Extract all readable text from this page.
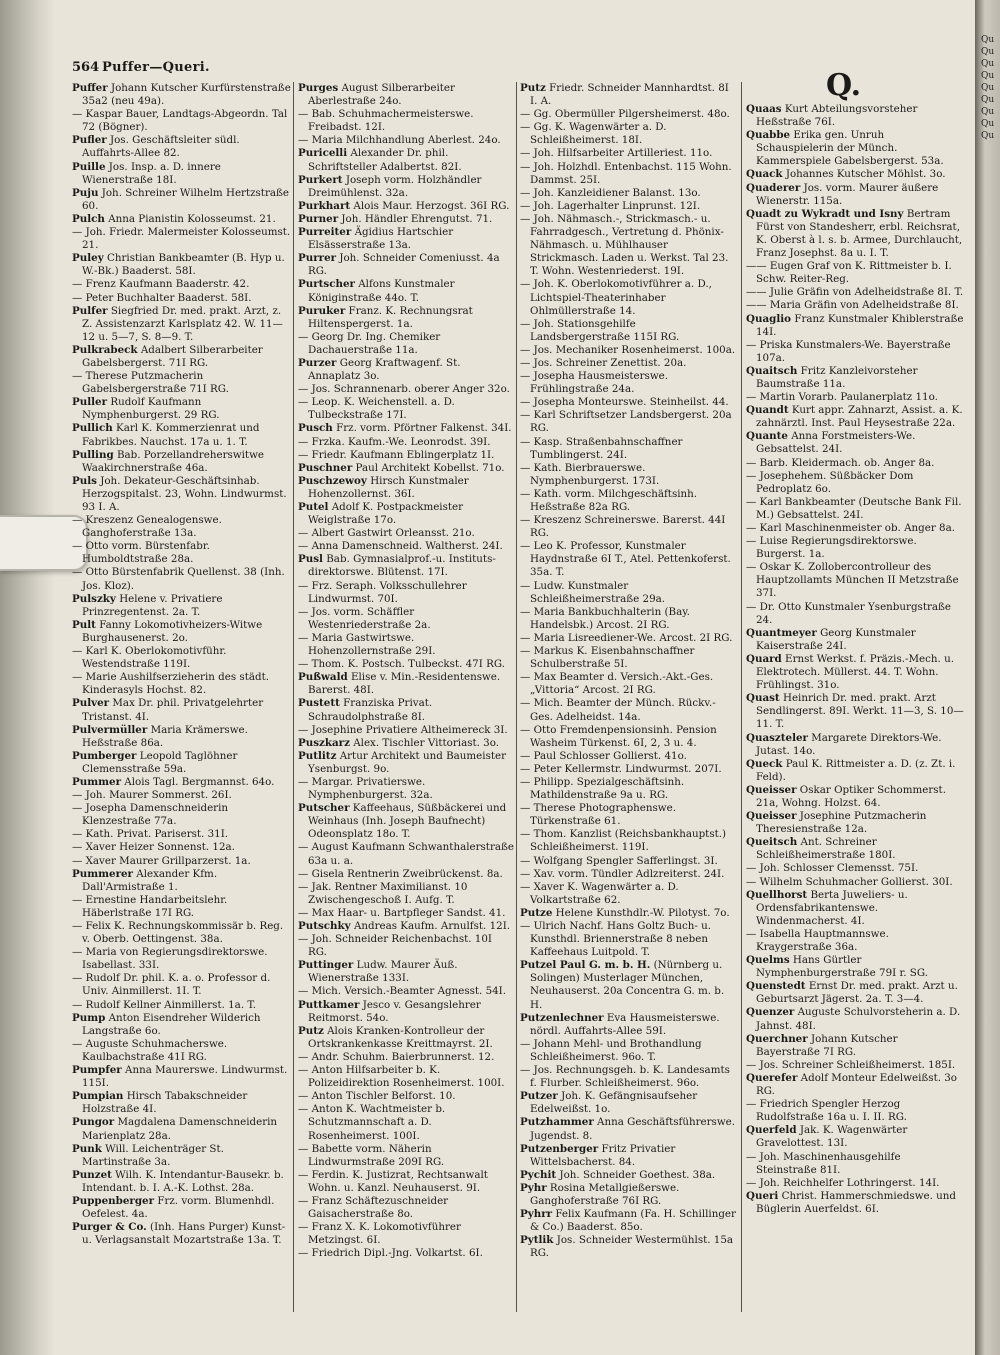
Qu Qu Qu Qu Qu Qu Qu Qu Qu
564 Puffer—Queri.
Q.
Puffer Johann Kutscher Kurfürstenstraße 35a2 (neu 49a).
— Kaspar Bauer, Landtags-Abgeordn. Tal 72 (Bögner).
Pufler Jos. Geschäftsleiter südl. Auffahrts-Allee 82.
Puille Jos. Insp. a. D. innere Wienerstraße 18I.
Puju Joh. Schreiner Wilhelm Hertzstraße 60.
Pulch Anna Pianistin Kolosseumst. 21.
— Joh. Friedr. Malermeister Kolosseumst. 21.
Puley Christian Bankbeamter (B. Hyp u. W.-Bk.) Baaderst. 58I.
— Frenz Kaufmann Baaderstr. 42.
— Peter Buchhalter Baaderst. 58I.
Pulfer Siegfried Dr. med. prakt. Arzt, z. Z. Assistenzarzt Karlsplatz 42. W. 11—12 u. 5—7, S. 8—9. T.
Pulkrabeck Adalbert Silberarbeiter Gabelsbergerst. 71I RG.
— Therese Putzmacherin Gabelsbergerstraße 71I RG.
Puller Rudolf Kaufmann Nymphenburgerst. 29 RG.
Pullich Karl K. Kommerzienrat und Fabrikbes. Nauchst. 17a u. 1. T.
Pulling Bab. Porzellandreherswitwe Waakirchnerstraße 46a.
Puls Joh. Dekateur-Geschäftsinhab. Herzogspitalst. 23, Wohn. Lindwurmst. 93 I. A.
— Kreszenz Genealogenswe. Ganghoferstraße 13a.
— Otto vorm. Bürstenfabr. Humboldtstraße 28a.
— Otto Bürstenfabrik Quellenst. 38 (Inh. Jos. Kloz).
Pulszky Helene v. Privatiere Prinzregentenst. 2a. T.
Pult Fanny Lokomotivheizers-Witwe Burghausenerst. 2o.
— Karl K. Oberlokomotivführ. Westendstraße 119I.
— Marie Aushilfserzieherin des städt. Kinderasyls Hochst. 82.
Pulver Max Dr. phil. Privatgelehrter Tristanst. 4I.
Pulvermüller Maria Krämerswe. Heßstraße 86a.
Pumberger Leopold Taglöhner Clemensstraße 59a.
Pummer Alois Tagl. Bergmannst. 64o.
— Joh. Maurer Sommerst. 26I.
— Josepha Damenschneiderin Klenzestraße 77a.
— Kath. Privat. Pariserst. 31I.
— Xaver Heizer Sonnenst. 12a.
— Xaver Maurer Grillparzerst. 1a.
Pummerer Alexander Kfm. Dall'Armistraße 1.
— Ernestine Handarbeitslehr. Häberlstraße 17I RG.
— Felix K. Rechnungskommissär b. Reg. v. Oberb. Oettingenst. 38a.
— Maria von Regierungsdirektorswe. Isabellast. 33I.
— Rudolf Dr. phil. K. a. o. Professor d. Univ. Ainmillerst. 1I. T.
— Rudolf Kellner Ainmillerst. 1a. T.
Pump Anton Eisendreher Wilderich Langstraße 6o.
— Auguste Schuhmacherswe. Kaulbachstraße 41I RG.
Pumpfer Anna Maurerswe. Lindwurmst. 115I.
Pumpian Hirsch Tabakschneider Holzstraße 4I.
Pungor Magdalena Damenschneiderin Marienplatz 28a.
Punk Will. Leichenträger St. Martinstraße 3a.
Punzet Wilh. K. Intendantur-Bausekr. b. Intendant. b. I. A.-K. Lothst. 28a.
Puppenberger Frz. vorm. Blumenhdl. Oefelest. 4a.
Purger & Co. (Inh. Hans Purger) Kunst- u. Verlagsanstalt Mozartstraße 13a. T.
Purges August Silberarbeiter Aberlestraße 24o.
— Bab. Schuhmachermeisterswe. Freibadst. 12I.
— Maria Milchhandlung Aberlest. 24o.
Puricelli Alexander Dr. phil. Schriftsteller Adalbertst. 82I.
Purkert Joseph vorm. Holzhändler Dreimühlenst. 32a.
Purkhart Alois Maur. Herzogst. 36I RG.
Purner Joh. Händler Ehrengutst. 71.
Purreiter Ägidius Hartschier Elsässerstraße 13a.
Purrer Joh. Schneider Comeniusst. 4a RG.
Purtscher Alfons Kunstmaler Königinstraße 44o. T.
Puruker Franz. K. Rechnungsrat Hiltenspergerst. 1a.
— Georg Dr. Ing. Chemiker Dachauerstraße 11a.
Purzer Georg Kraftwagenf. St. Annaplatz 3o.
— Jos. Schrannenarb. oberer Anger 32o.
— Leop. K. Weichenstell. a. D. Tulbeckstraße 17I.
Pusch Frz. vorm. Pförtner Falkenst. 34I.
— Frzka. Kaufm.-We. Leonrodst. 39I.
— Friedr. Kaufmann Eblingerplatz 1I.
Puschner Paul Architekt Kobellst. 71o.
Puschzewoy Hirsch Kunstmaler Hohenzollernst. 36I.
Putel Adolf K. Postpackmeister Weiglstraße 17o.
— Albert Gastwirt Orleansst. 21o.
— Anna Damenschneid. Waltherst. 24I.
Pusl Bab. Gymnasialprof.-u. Instituts-direktorswe. Blütenst. 17I.
— Frz. Seraph. Volksschullehrer Lindwurmst. 70I.
— Jos. vorm. Schäffler Westenriederstraße 2a.
— Maria Gastwirtswe. Hohenzollernstraße 29I.
— Thom. K. Postsch. Tulbeckst. 47I RG.
Pußwald Elise v. Min.-Residentenswe. Barerst. 48I.
Pustett Franziska Privat. Schraudolphstraße 8I.
— Josephine Privatiere Altheimereck 3I.
Puszkarz Alex. Tischler Vittoriast. 3o.
Putlitz Artur Architekt und Baumeister Ysenburgst. 9o.
— Margar. Privatierswe. Nymphenburgerst. 32a.
Putscher Kaffeehaus, Süßbäckerei und Weinhaus (Inh. Joseph Baufnecht) Odeonsplatz 18o. T.
— August Kaufmann Schwanthalerstraße 63a u. a.
— Gisela Rentnerin Zweibrückenst. 8a.
— Jak. Rentner Maximilianst. 10 Zwischengeschoß I. Aufg. T.
— Max Haar- u. Bartpfleger Sandst. 41.
Putschky Andreas Kaufm. Arnulfst. 12I.
— Joh. Schneider Reichenbachst. 10I RG.
Puttinger Ludw. Maurer Äuß. Wienerstraße 133I.
— Mich. Versich.-Beamter Agnesst. 54I.
Puttkamer Jesco v. Gesangslehrer Reitmorst. 54o.
Putz Alois Kranken-Kontrolleur der Ortskrankenkasse Kreittmayrst. 2I.
— Andr. Schuhm. Baierbrunnerst. 12.
— Anton Hilfsarbeiter b. K. Polizeidirektion Rosenheimerst. 100I.
— Anton Tischler Belforst. 10.
— Anton K. Wachtmeister b. Schutzmannschaft a. D. Rosenheimerst. 100I.
— Babette vorm. Näherin Lindwurmstraße 209I RG.
— Ferdin. K. Justizrat, Rechtsanwalt Wohn. u. Kanzl. Neuhauserst. 9I.
— Franz Schäftezuschneider Gaisacherstraße 8o.
— Franz X. K. Lokomotivführer Metzingst. 6I.
— Friedrich Dipl.-Jng. Volkartst. 6I.
Putz Friedr. Schneider Mannhardtst. 8I I. A.
— Gg. Obermüller Pilgersheimerst. 48o.
— Gg. K. Wagenwärter a. D. Schleißheimerst. 18I.
— Joh. Hilfsarbeiter Artilleriest. 11o.
— Joh. Holzhdl. Entenbachst. 115 Wohn. Dammst. 25I.
— Joh. Kanzleidiener Balanst. 13o.
— Joh. Lagerhalter Linprunst. 12I.
— Joh. Nähmasch.-, Strickmasch.- u. Fahrradgesch., Vertretung d. Phönix-Nähmasch. u. Mühlhauser Strickmasch. Laden u. Werkst. Tal 23. T. Wohn. Westenriederst. 19I.
— Joh. K. Oberlokomotivführer a. D., Lichtspiel-Theaterinhaber Ohlmüllerstraße 14.
— Joh. Stationsgehilfe Landsbergerstraße 115I RG.
— Jos. Mechaniker Rosenheimerst. 100a.
— Jos. Schreiner Zenettist. 20a.
— Josepha Hausmeisterswe. Frühlingstraße 24a.
— Josepha Monteurswe. Steinheilst. 44.
— Karl Schriftsetzer Landsbergerst. 20a RG.
— Kasp. Straßenbahnschaffner Tumblingerst. 24I.
— Kath. Bierbrauerswe. Nymphenburgerst. 173I.
— Kath. vorm. Milchgeschäftsinh. Heßstraße 82a RG.
— Kreszenz Schreinerswe. Barerst. 44I RG.
— Leo K. Professor, Kunstmaler Haydnstraße 6I T., Atel. Pettenkoferst. 35a. T.
— Ludw. Kunstmaler Schleißheimerstraße 29a.
— Maria Bankbuchhalterin (Bay. Handelsbk.) Arcost. 2I RG.
— Maria Lisreediener-We. Arcost. 2I RG.
— Markus K. Eisenbahnschaffner Schulberstraße 5I.
— Max Beamter d. Versich.-Akt.-Ges. „Vittoria“ Arcost. 2I RG.
— Mich. Beamter der Münch. Rückv.-Ges. Adelheidst. 14a.
— Otto Fremdenpensionsinh. Pension Washeim Türkenst. 6I, 2, 3 u. 4.
— Paul Schlosser Gollierst. 41o.
— Peter Kellermstr. Lindwurmst. 207I.
— Philipp. Spezialgeschäftsinh. Mathildenstraße 9a u. RG.
— Therese Photographenswe. Türkenstraße 61.
— Thom. Kanzlist (Reichsbankhauptst.) Schleißheimerst. 119I.
— Wolfgang Spengler Safferlingst. 3I.
— Xav. vorm. Tündler Adlzreiterst. 24I.
— Xaver K. Wagenwärter a. D. Volkartstraße 62.
Putze Helene Kunsthdlr.-W. Pilotyst. 7o.
— Ulrich Nachf. Hans Goltz Buch- u. Kunsthdl. Briennerstraße 8 neben Kaffeehaus Luitpold. T.
Putzel Paul G. m. b. H. (Nürnberg u. Solingen) Musterlager München, Neuhauserst. 20a Concentra G. m. b. H.
Putzenlechner Eva Hausmeisterswe. nördl. Auffahrts-Allee 59I.
— Johann Mehl- und Brothandlung Schleißheimerst. 96o. T.
— Jos. Rechnungsgeh. b. K. Landesamts f. Flurber. Schleißheimerst. 96o.
Putzer Joh. K. Gefängnisaufseher Edelweißst. 1o.
Putzhammer Anna Geschäftsführerswe. Jugendst. 8.
Putzenberger Fritz Privatier Wittelsbacherst. 84.
Pychit Joh. Schneider Goethest. 38a.
Pyhr Rosina Metallgießerswe. Ganghoferstraße 76I RG.
Pyhrr Felix Kaufmann (Fa. H. Schillinger & Co.) Baaderst. 85o.
Pytlik Jos. Schneider Westermühlst. 15a RG.
Quaas Kurt Abteilungsvorsteher Heßstraße 76I.
Quabbe Erika gen. Unruh Schauspielerin der Münch. Kammerspiele Gabelsbergerst. 53a.
Quack Johannes Kutscher Möhlst. 3o.
Quaderer Jos. vorm. Maurer äußere Wienerstr. 115a.
Quadt zu Wykradt und Isny Bertram Fürst von Standesherr, erbl. Reichsrat, K. Oberst à l. s. b. Armee, Durchlaucht, Franz Josephst. 8a u. I. T.
—— Eugen Graf von K. Rittmeister b. I. Schw. Reiter-Reg.
—— Julie Gräfin von Adelheidstraße 8I. T.
—— Maria Gräfin von Adelheidstraße 8I.
Quaglio Franz Kunstmaler Khiblerstraße 14I.
— Priska Kunstmalers-We. Bayerstraße 107a.
Quaitsch Fritz Kanzleivorsteher Baumstraße 11a.
— Martin Vorarb. Paulanerplatz 11o.
Quandt Kurt appr. Zahnarzt, Assist. a. K. zahnärztl. Inst. Paul Heysestraße 22a.
Quante Anna Forstmeisters-We. Gebsattelst. 24I.
— Barb. Kleidermach. ob. Anger 8a.
— Josephehem. Süßbäcker Dom Pedroplatz 6o.
— Karl Bankbeamter (Deutsche Bank Fil. M.) Gebsattelst. 24I.
— Karl Maschinenmeister ob. Anger 8a.
— Luise Regierungsdirektorswe. Burgerst. 1a.
— Oskar K. Zollobercontrolleur des Hauptzollamts München II Metzstraße 37I.
— Dr. Otto Kunstmaler Ysenburgstraße 24.
Quantmeyer Georg Kunstmaler Kaiserstraße 24I.
Quard Ernst Werkst. f. Präzis.-Mech. u. Elektrotech. Müllerst. 44. T. Wohn. Frühlingst. 31o.
Quast Heinrich Dr. med. prakt. Arzt Sendlingerst. 89I. Werkt. 11—3, S. 10—11. T.
Quaszteler Margarete Direktors-We. Jutast. 14o.
Queck Paul K. Rittmeister a. D. (z. Zt. i. Feld).
Queisser Oskar Optiker Schommerst. 21a, Wohng. Holzst. 64.
Queisser Josephine Putzmacherin Theresienstraße 12a.
Queitsch Ant. Schreiner Schleißheimerstraße 180I.
— Joh. Schlosser Clemensst. 75I.
— Wilhelm Schuhmacher Gollierst. 30I.
Quellhorst Berta Juweliers- u. Ordensfabrikantenswe. Windenmacherst. 4I.
— Isabella Hauptmannswe. Kraygerstraße 36a.
Quelms Hans Gürtler Nymphenburgerstraße 79I r. SG.
Quenstedt Ernst Dr. med. prakt. Arzt u. Geburtsarzt Jägerst. 2a. T. 3—4.
Quenzer Auguste Schulvorsteherin a. D. Jahnst. 48I.
Querchner Johann Kutscher Bayerstraße 7I RG.
— Jos. Schreiner Schleißheimerst. 185I.
Querefer Adolf Monteur Edelweißst. 3o RG.
— Friedrich Spengler Herzog Rudolfstraße 16a u. I. II. RG.
Querfeld Jak. K. Wagenwärter Gravelottest. 13I.
— Joh. Maschinenhausgehilfe Steinstraße 81I.
— Joh. Reichhelfer Lothringerst. 14I.
Queri Christ. Hammerschmiedswe. und Büglerin Auerfeldst. 6I.
